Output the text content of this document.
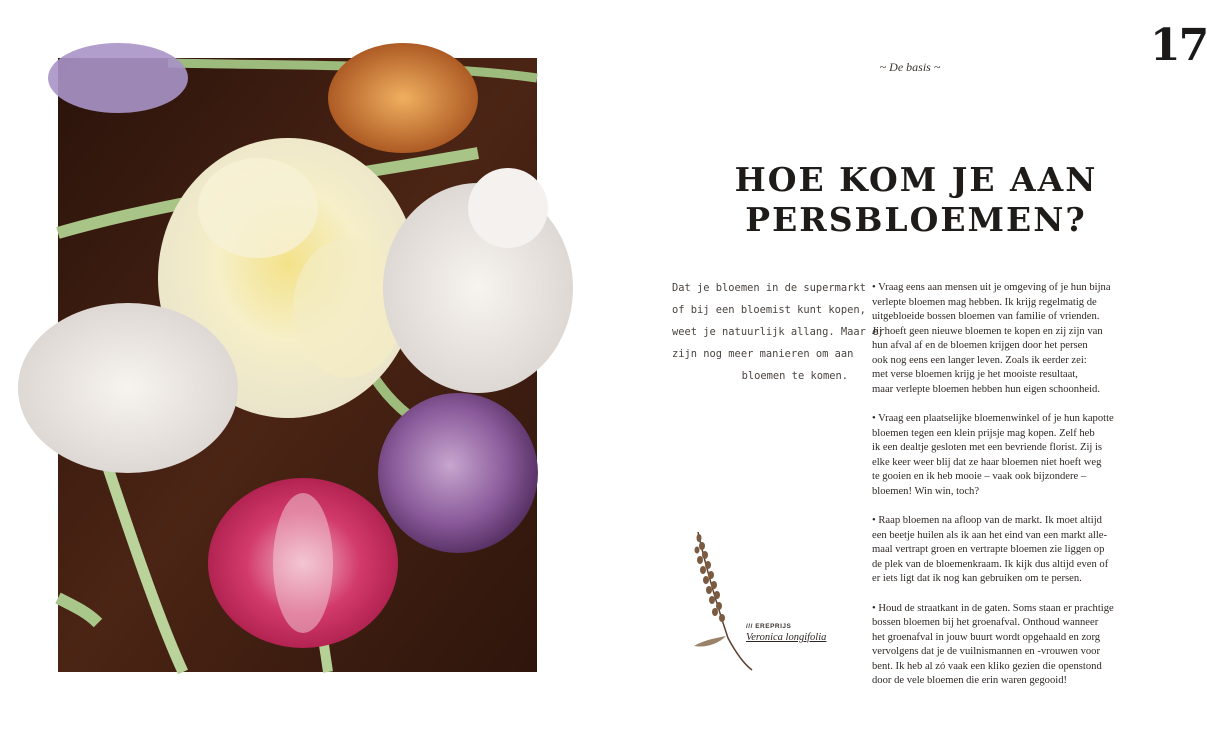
17
~ De basis ~
HOE KOM JE AAN
PERSBLOEMEN?
Dat je bloemen in de supermarkt
of bij een bloemist kunt kopen,
weet je natuurlijk allang. Maar er
zijn nog meer manieren om aan
bloemen te komen.

• Vraag eens aan mensen uit je omgeving of je hun bijna
verlepte bloemen mag hebben. Ik krijg regelmatig de
uitgebloeide bossen bloemen van familie of vrienden.
Jij hoeft geen nieuwe bloemen te kopen en zij zijn van
hun afval af en de bloemen krijgen door het persen
ook nog eens een langer leven. Zoals ik eerder zei:
met verse bloemen krijg je het mooiste resultaat,
maar verlepte bloemen hebben hun eigen schoonheid.

• Vraag een plaatselijke bloemenwinkel of je hun kapotte
bloemen tegen een klein prijsje mag kopen. Zelf heb
ik een dealtje gesloten met een bevriende florist. Zij is
elke keer weer blij dat ze haar bloemen niet hoeft weg
te gooien en ik heb mooie – vaak ook bijzondere –
bloemen! Win win, toch?

• Raap bloemen na afloop van de markt. Ik moet altijd
een beetje huilen als ik aan het eind van een markt alle-
maal vertrapt groen en vertrapte bloemen zie liggen op
de plek van de bloemenkraam. Ik kijk dus altijd even of
er iets ligt dat ik nog kan gebruiken om te persen.

• Houd de straatkant in de gaten. Soms staan er prachtige
bossen bloemen bij het groenafval. Onthoud wanneer
het groenafval in jouw buurt wordt opgehaald en zorg
vervolgens dat je de vuilnismannen en -vrouwen voor
bent. Ik heb al zó vaak een kliko gezien die openstond
door de vele bloemen die erin waren gegooid!

/// EREPRIJS
Veronica longifolia
